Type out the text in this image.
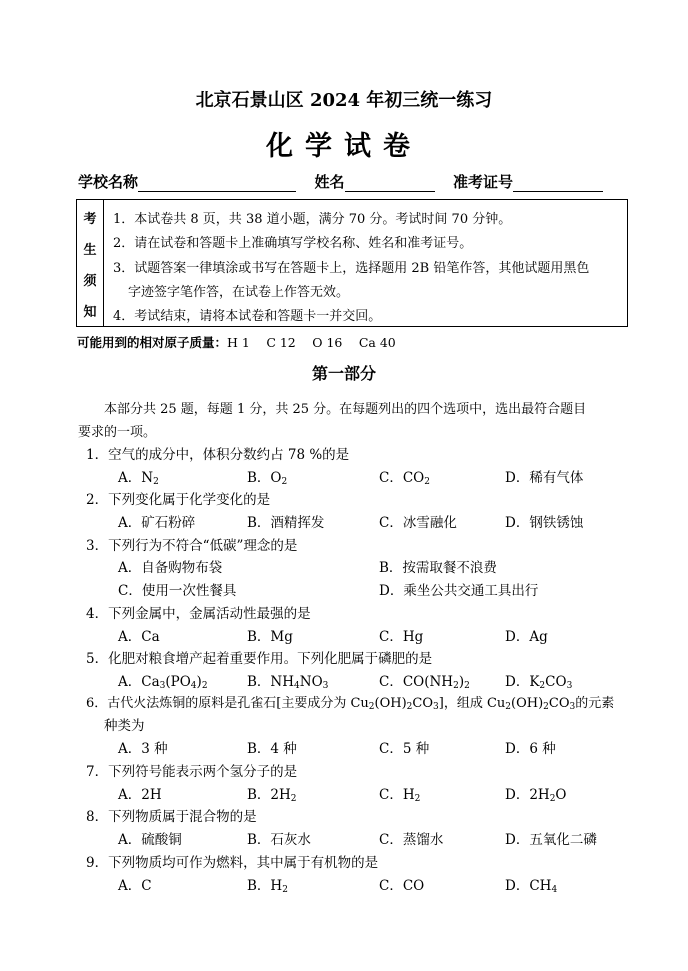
北京石景山区 2024 年初三统一练习
化学试卷
学校名称	姓名	准考证号
考
生
须
知
1．本试卷共 8 页，共 38 道小题，满分 70 分。考试时间 70 分钟。
2．请在试卷和答题卡上准确填写学校名称、姓名和准考证号。
3．试题答案一律填涂或书写在答题卡上，选择题用 2B 铅笔作答，其他试题用黑色
字迹签字笔作答，在试卷上作答无效。
4．考试结束，请将本试卷和答题卡一并交回。
可能用到的相对原子质量：H 1　 C 12　 O 16　 Ca 40
第一部分
本部分共 25 题，每题 1 分，共 25 分。在每题列出的四个选项中，选出最符合题目
要求的一项。
1．空气的成分中，体积分数约占 78 %的是
A．$N_2$	B．$O_2$	C．$CO_2$	D．稀有气体
2．下列变化属于化学变化的是
A．矿石粉碎	B．酒精挥发	C．冰雪融化	D．钢铁锈蚀
3．下列行为不符合“低碳”理念的是
A．自备购物布袋	B．按需取餐不浪费
C．使用一次性餐具	D．乘坐公共交通工具出行
4．下列金属中，金属活动性最强的是
A．Ca	B．Mg	C．Hg	D．Ag
5．化肥对粮食增产起着重要作用。下列化肥属于磷肥的是
A．$Ca_3(PO_4)_2$	B．$NH_4NO_3$	C．$CO(NH_2)_2$	D．$K_2CO_3$
6．古代火法炼铜的原料是孔雀石[主要成分为 $Cu_2(OH)_2CO_3$]，组成 $Cu_2(OH)_2CO_3$的元素
种类为
A．3 种	B．4 种	C．5 种	D．6 种
7．下列符号能表示两个氢分子的是
A．2H	B．$2H_2$	C．$H_2$	D．$2H_2O$
8．下列物质属于混合物的是
A．硫酸铜	B．石灰水	C．蒸馏水	D．五氧化二磷
9．下列物质均可作为燃料，其中属于有机物的是
A．C	B．$H_2$	C．CO	D．$CH_4$
